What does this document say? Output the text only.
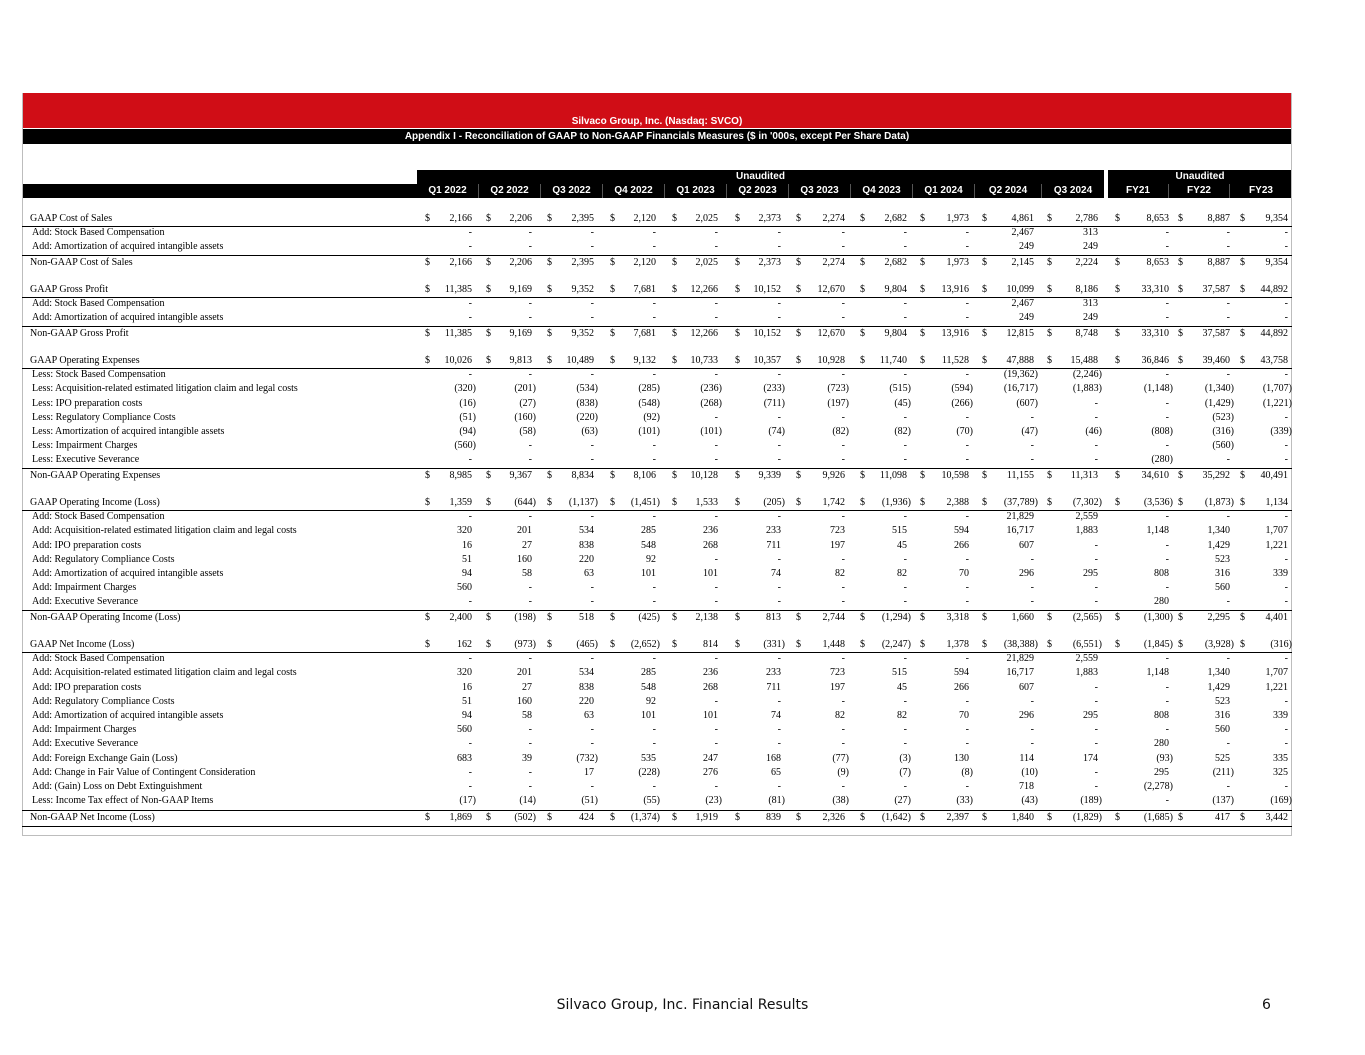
Silvaco Group, Inc. (Nasdaq: SVCO)
Appendix I - Reconciliation of GAAP to Non-GAAP Financials Measures ($ in '000s, except Per Share Data)
Unaudited	Unaudited
Q1 2022	Q2 2022	Q3 2022	Q4 2022	Q1 2023	Q2 2023	Q3 2023	Q4 2023	Q1 2024	Q2 2024	Q3 2024	FY21	FY22	FY23
GAAP Cost of Sales	$ 2,166 $ 2,206 $ 2,395 $ 2,120 $ 2,025 $ 2,373 $ 2,274 $ 2,682 $ 1,973 $ 4,861 $ 2,786 $	8,653 $ 8,887 $ 9,354
Add: Stock Based Compensation	-	-	-	-	-	-	-	-	-	2,467	313	-	-	-
Add: Amortization of acquired intangible assets	-	-	-	-	-	-	-	-	-	249	249	-	-	-
Non-GAAP Cost of Sales	$ 2,166 $ 2,206 $ 2,395 $ 2,120 $ 2,025 $ 2,373 $ 2,274 $ 2,682 $ 1,973 $ 2,145 $ 2,224 $	8,653 $ 8,887 $ 9,354
GAAP Gross Profit	$ 11,385 $ 9,169 $ 9,352 $ 7,681 $ 12,266 $ 10,152 $ 12,670 $ 9,804 $ 13,916 $ 10,099 $ 8,186 $ 33,310 $ 37,587 $ 44,892
Add: Stock Based Compensation	-	-	-	-	-	-	-	-	-	2,467	313	-	-	-
Add: Amortization of acquired intangible assets	-	-	-	-	-	-	-	-	-	249	249	-	-	-
Non-GAAP Gross Profit	$ 11,385 $ 9,169 $ 9,352 $ 7,681 $ 12,266 $ 10,152 $ 12,670 $ 9,804 $ 13,916 $ 12,815 $ 8,748 $ 33,310 $ 37,587 $ 44,892
GAAP Operating Expenses	$ 10,026 $ 9,813 $ 10,489 $ 9,132 $ 10,733 $ 10,357 $ 10,928 $ 11,740 $ 11,528 $ 47,888 $ 15,488 $ 36,846 $ 39,460 $ 43,758
Less: Stock Based Compensation	-	-	-	-	-	-	-	-	-	(19,362)	(2,246)	-	-	-
Less: Acquisition-related estimated litigation claim and legal costs	(320)	(201)	(534)	(285)	(236)	(233)	(723)	(515)	(594)	(16,717)	(1,883)	(1,148)	(1,340)	(1,707)
Less: IPO preparation costs	(16)	(27)	(838)	(548)	(268)	(711)	(197)	(45)	(266)	(607)	-	-	(1,429)	(1,221)
Less: Regulatory Compliance Costs	(51)	(160)	(220)	(92)	-	-	-	-	-	-	-	-	(523)	-
Less: Amortization of acquired intangible assets	(94)	(58)	(63)	(101)	(101)	(74)	(82)	(82)	(70)	(47)	(46)	(808)	(316)	(339)
Less: Impairment Charges	(560)	-	-	-	-	-	-	-	-	-	-	-	(560)	-
Less: Executive Severance	-	-	-	-	-	-	-	-	-	-	-	(280)	-	-
Non-GAAP Operating Expenses	$ 8,985 $ 9,367 $ 8,834 $ 8,106 $ 10,128 $ 9,339 $ 9,926 $ 11,098 $ 10,598 $ 11,155 $ 11,313 $ 34,610 $ 35,292 $ 40,491
GAAP Operating Income (Loss)	$ 1,359 $ (644) $ (1,137) $ (1,451) $ 1,533 $ (205) $ 1,742 $ (1,936) $ 2,388 $ (37,789) $ (7,302) $ (3,536) $ (1,873) $ 1,134
Add: Stock Based Compensation	-	-	-	-	-	-	-	-	-	21,829	2,559	-	-	-
Add: Acquisition-related estimated litigation claim and legal costs	320	201	534	285	236	233	723	515	594	16,717	1,883	1,148	1,340	1,707
Add: IPO preparation costs	16	27	838	548	268	711	197	45	266	607	-	-	1,429	1,221
Add: Regulatory Compliance Costs	51	160	220	92	-	-	-	-	-	-	-	-	523	-
Add: Amortization of acquired intangible assets	94	58	63	101	101	74	82	82	70	296	295	808	316	339
Add: Impairment Charges	560	-	-	-	-	-	-	-	-	-	-	-	560	-
Add: Executive Severance	-	-	-	-	-	-	-	-	-	-	-	280	-	-
Non-GAAP Operating Income (Loss)	$ 2,400 $ (198) $	518 $ (425) $ 2,138 $	813 $ 2,744 $ (1,294) $ 3,318 $ 1,660 $ (2,565) $ (1,300) $ 2,295 $ 4,401
GAAP Net Income (Loss)	$	162 $ (973) $ (465) $ (2,652) $	814 $ (331) $ 1,448 $ (2,247) $ 1,378 $ (38,388) $ (6,551) $ (1,845) $ (3,928) $	(316)
Add: Stock Based Compensation	-	-	-	-	-	-	-	-	-	21,829	2,559	-	-	-
Add: Acquisition-related estimated litigation claim and legal costs	320	201	534	285	236	233	723	515	594	16,717	1,883	1,148	1,340	1,707
Add: IPO preparation costs	16	27	838	548	268	711	197	45	266	607	-	-	1,429	1,221
Add: Regulatory Compliance Costs	51	160	220	92	-	-	-	-	-	-	-	-	523	-
Add: Amortization of acquired intangible assets	94	58	63	101	101	74	82	82	70	296	295	808	316	339
Add: Impairment Charges	560	-	-	-	-	-	-	-	-	-	-	-	560	-
Add: Executive Severance	-	-	-	-	-	-	-	-	-	-	-	280	-	-
Add: Foreign Exchange Gain (Loss)	683	39	(732)	535	247	168	(77)	(3)	130	114	174	(93)	525	335
Add: Change in Fair Value of Contingent Consideration	-	-	17	(228)	276	65	(9)	(7)	(8)	(10)	-	295	(211)	325
Add: (Gain) Loss on Debt Extinguishment	-	-	-	-	-	-	-	-	-	718	-	(2,278)	-	-
Less: Income Tax effect of Non-GAAP Items	(17)	(14)	(51)	(55)	(23)	(81)	(38)	(27)	(33)	(43)	(189)	-	(137)	(169)
Non-GAAP Net Income (Loss)	$ 1,869 $ (502) $	424 $ (1,374) $ 1,919 $	839 $ 2,326 $ (1,642) $ 2,397 $ 1,840 $ (1,829) $ (1,685) $	417 $ 3,442
Silvaco Group, Inc. Financial Results	6
